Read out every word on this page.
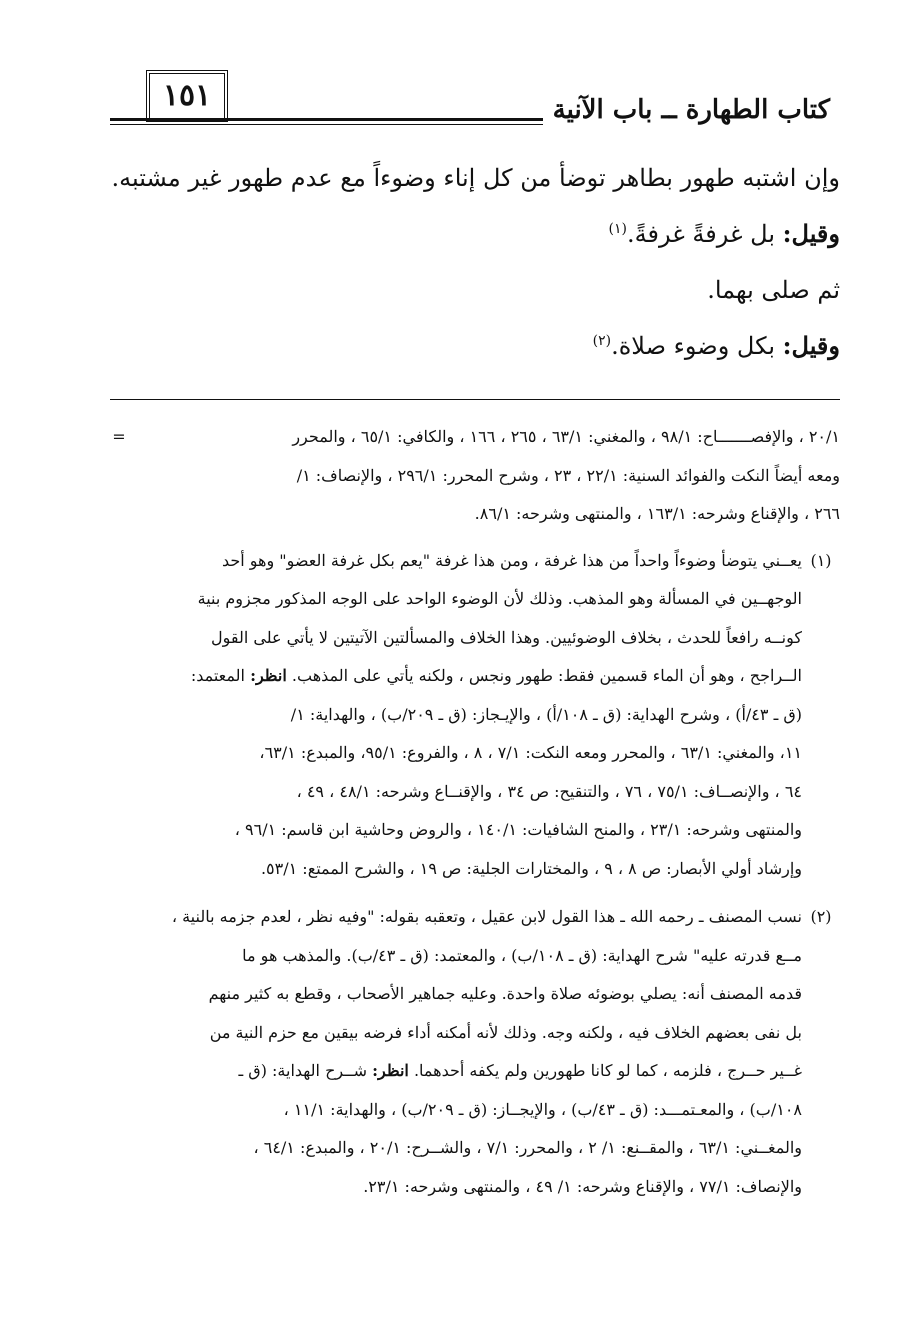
١٥١	كتاب الطهارة ــ باب الآنية
وإن اشتبه طهور بطاهر توضأ من كل إناء وضوءاً مع عدم طهور غير مشتبه.
وقيل: بل غرفةً غرفةً.$^{(١)}$
ثم صلى بهما.
وقيل: بكل وضوء صلاة.$^{(٢)}$
٢٠/١ ، والإفصـــــــاح: ٩٨/١ ، والمغني: ٦٣/١ ، ٢٦٥ ، ١٦٦ ، والكافي: ٦٥/١ ، والمحرر
ومعه أيضاً النكت والفوائد السنية: ٢٢/١ ، ٢٣ ، وشرح المحرر: ٢٩٦/١ ، والإنصاف: ١/
٢٦٦ ، والإقناع وشرحه: ١٦٣/١ ، والمنتهى وشرحه: ٨٦/١.
=
(١)
يعــني يتوضأ وضوءاً واحداً من هذا غرفة ، ومن هذا غرفة "يعم بكل غرفة العضو" وهو أحد
الوجهــين في المسألة وهو المذهب. وذلك لأن الوضوء الواحد على الوجه المذكور مجزوم بنية
كونــه رافعاً للحدث ، بخلاف الوضوئيين. وهذا الخلاف والمسألتين الآتيتين لا يأتي على القول
الــراجح ، وهو أن الماء قسمين فقط: طهور ونجس ، ولكنه يأتي على المذهب. انظر: المعتمد:
(ق ـ ٤٣/أ) ، وشرح الهداية: (ق ـ ١٠٨/أ) ، والإيـجاز: (ق ـ ٢٠٩/ب) ، والهداية: ١/
١١، والمغني: ٦٣/١ ، والمحرر ومعه النكت: ٧/١ ، ٨ ، والفروع: ٩٥/١، والمبدع: ٦٣/١،
٦٤ ، والإنصــاف: ٧٥/١ ، ٧٦ ، والتنقيح: ص ٣٤ ، والإقنــاع وشرحه: ٤٨/١ ، ٤٩ ،
والمنتهى وشرحه: ٢٣/١ ، والمنح الشافيات: ١٤٠/١ ، والروض وحاشية ابن قاسم: ٩٦/١ ،
وإرشاد أولي الأبصار: ص ٨ ، ٩ ، والمختارات الجلية: ص ١٩ ، والشرح الممتع: ٥٣/١.
(٢)
نسب المصنف ـ رحمه الله ـ هذا القول لابن عقيل ، وتعقبه بقوله: "وفيه نظر ، لعدم جزمه بالنية ،
مــع قدرته عليه" شرح الهداية: (ق ـ ١٠٨/ب) ، والمعتمد: (ق ـ ٤٣/ب). والمذهب هو ما
قدمه المصنف أنه: يصلي بوضوئه صلاة واحدة. وعليه جماهير الأصحاب ، وقطع به كثير منهم
بل نفى بعضهم الخلاف فيه ، ولكنه وجه. وذلك لأنه أمكنه أداء فرضه بيقين مع حزم النية من
غــير حــرج ، فلزمه ، كما لو كانا طهورين ولم يكفه أحدهما. انظر: شــرح الهداية: (ق ـ
١٠٨/ب) ، والمعـتمـــد: (ق ـ ٤٣/ب) ، والإيجــاز: (ق ـ ٢٠٩/ب) ، والهداية: ١١/١ ،
والمغــني: ٦٣/١ ، والمقــنع: ١/ ٢ ، والمحرر: ٧/١ ، والشــرح: ٢٠/١ ، والمبدع: ٦٤/١ ،
والإنصاف: ٧٧/١ ، والإقناع وشرحه: ١/ ٤٩ ، والمنتهى وشرحه: ٢٣/١.
